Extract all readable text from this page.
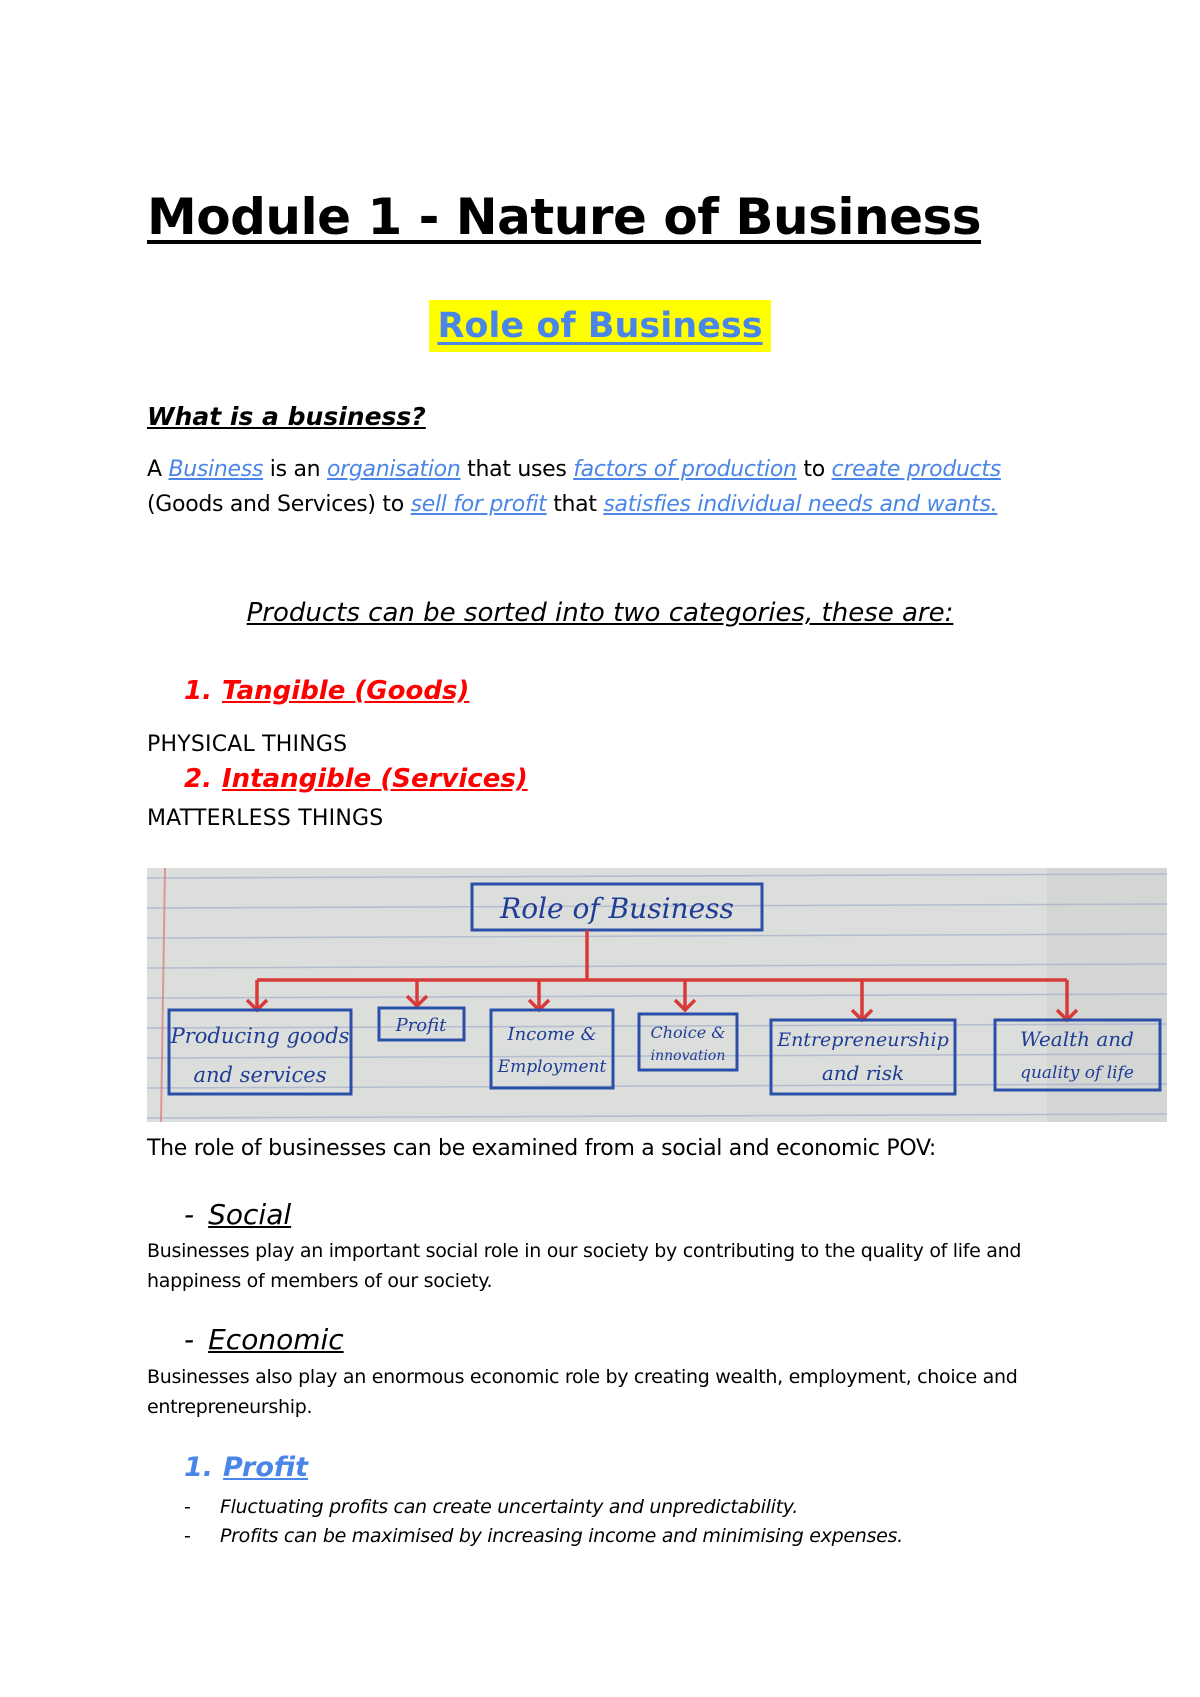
Module 1 - Nature of Business
Role of Business
What is a business?
A Business is an organisation that uses factors of production to create products (Goods and Services) to sell for profit that satisfies individual needs and wants.
Products can be sorted into two categories, these are:
1. Tangible (Goods)
PHYSICAL THINGS
2. Intangible (Services)
MATTERLESS THINGS
Role of Business
Producing goods
and services
Profit	Income &
Employment
Choice &
innovation
Entrepreneurship
and risk
Wealth and
quality of life
The role of businesses can be examined from a social and economic POV:
- Social
Businesses play an important social role in our society by contributing to the quality of life and happiness of members of our society.
- Economic
Businesses also play an enormous economic role by creating wealth, employment, choice and entrepreneurship.
1. Profit
- Fluctuating profits can create uncertainty and unpredictability.
- Profits can be maximised by increasing income and minimising expenses.
